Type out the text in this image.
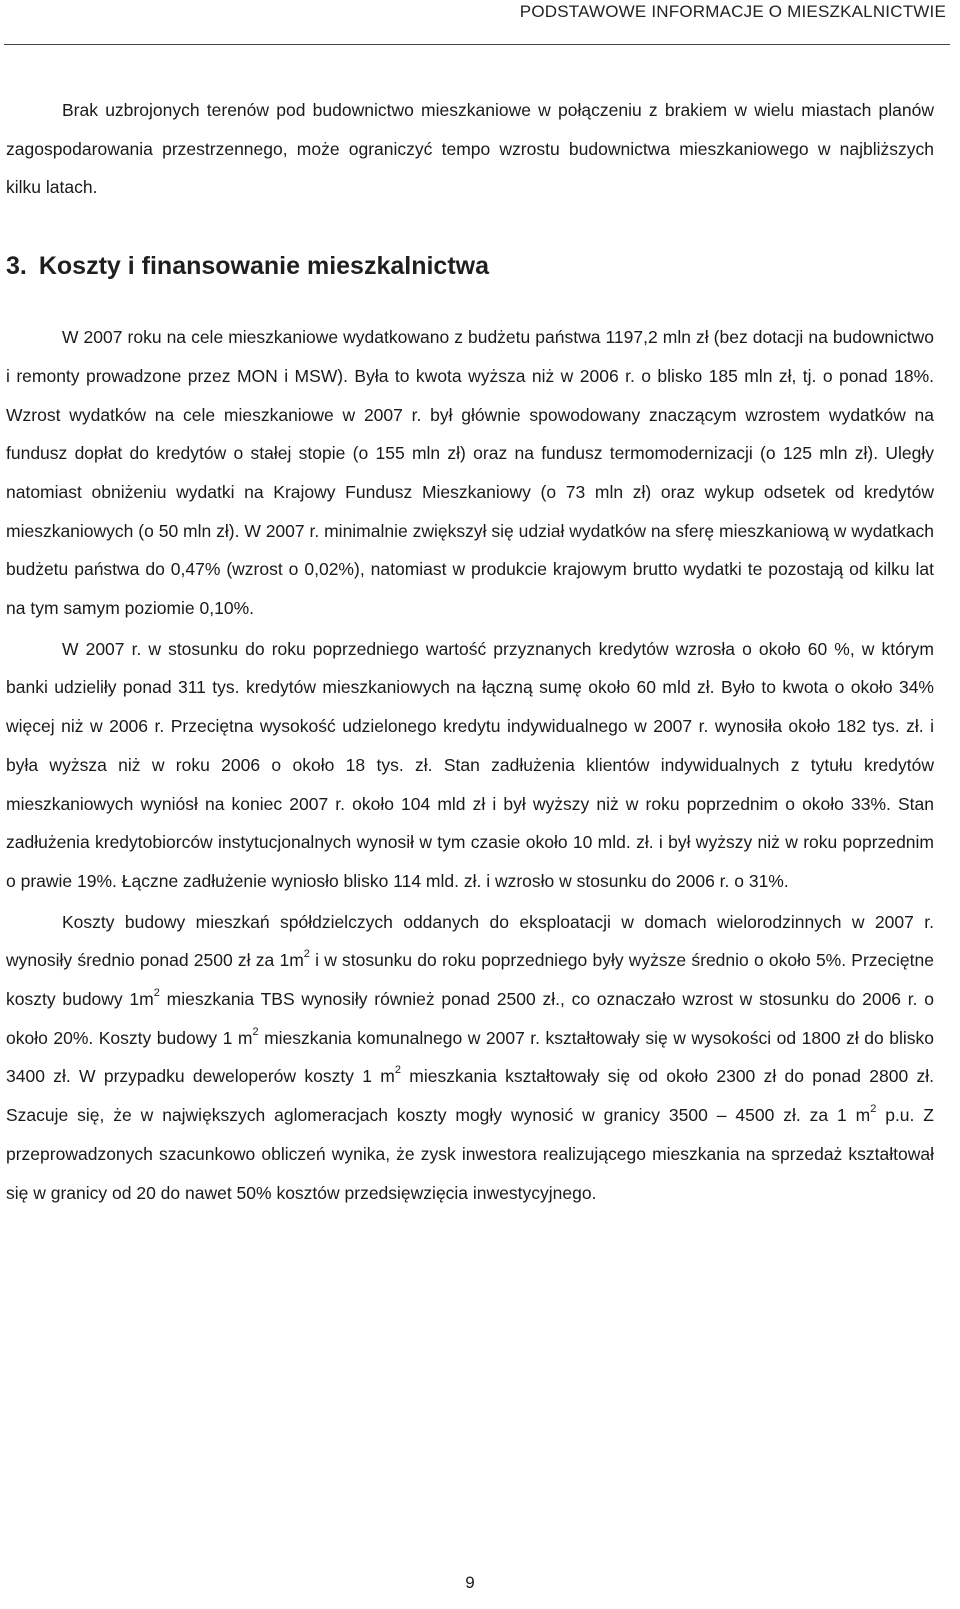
PODSTAWOWE INFORMACJE O MIESZKALNICTWIE

Brak uzbrojonych terenów pod budownictwo mieszkaniowe w połączeniu z brakiem w wielu miastach planów zagospodarowania przestrzennego, może ograniczyć tempo wzrostu budownictwa mieszkaniowego w najbliższych kilku latach.

3. Koszty i finansowanie mieszkalnictwa

W 2007 roku na cele mieszkaniowe wydatkowano z budżetu państwa 1197,2 mln zł (bez dotacji na budownictwo i remonty prowadzone przez MON i MSW). Była to kwota wyższa niż w 2006 r. o blisko 185 mln zł, tj. o ponad 18%. Wzrost wydatków na cele mieszkaniowe w 2007 r. był głównie spowodowany znaczącym wzrostem wydatków na fundusz dopłat do kredytów o stałej stopie (o 155 mln zł) oraz na fundusz termomodernizacji (o 125 mln zł). Uległy natomiast obniżeniu wydatki na Krajowy Fundusz Mieszkaniowy (o 73 mln zł) oraz wykup odsetek od kredytów mieszkaniowych (o 50 mln zł). W 2007 r. minimalnie zwiększył się udział wydatków na sferę mieszkaniową w wydatkach budżetu państwa do 0,47% (wzrost o 0,02%), natomiast w produkcie krajowym brutto wydatki te pozostają od kilku lat na tym samym poziomie 0,10%.

W 2007 r. w stosunku do roku poprzedniego wartość przyznanych kredytów wzrosła o około 60 %, w którym banki udzieliły ponad 311 tys. kredytów mieszkaniowych na łączną sumę około 60 mld zł. Było to kwota o około 34% więcej niż w 2006 r. Przeciętna wysokość udzielonego kredytu indywidualnego w 2007 r. wynosiła około 182 tys. zł. i była wyższa niż w roku 2006 o około 18 tys. zł. Stan zadłużenia klientów indywidualnych z tytułu kredytów mieszkaniowych wyniósł na koniec 2007 r. około 104 mld zł i był wyższy niż w roku poprzednim o około 33%. Stan zadłużenia kredytobiorców instytucjonalnych wynosił w tym czasie około 10 mld. zł. i był wyższy niż w roku poprzednim o prawie 19%. Łączne zadłużenie wyniosło blisko 114 mld. zł. i wzrosło w stosunku do 2006 r. o 31%.

Koszty budowy mieszkań spółdzielczych oddanych do eksploatacji w domach wielorodzinnych w 2007 r. wynosiły średnio ponad 2500 zł za $1m^2$ i w stosunku do roku poprzedniego były wyższe średnio o około 5%. Przeciętne koszty budowy $1m^2$ mieszkania TBS wynosiły również ponad 2500 zł., co oznaczało wzrost w stosunku do 2006 r. o około 20%. Koszty budowy 1 $m^2$ mieszkania komunalnego w 2007 r. kształtowały się w wysokości od 1800 zł do blisko 3400 zł. W przypadku deweloperów koszty 1 $m^2$ mieszkania kształtowały się od około 2300 zł do ponad 2800 zł. Szacuje się, że w największych aglomeracjach koszty mogły wynosić w granicy 3500 – 4500 zł. za 1 $m^2$ p.u. Z przeprowadzonych szacunkowo obliczeń wynika, że zysk inwestora realizującego mieszkania na sprzedaż kształtował się w granicy od 20 do nawet 50% kosztów przedsięwzięcia inwestycyjnego.

9
